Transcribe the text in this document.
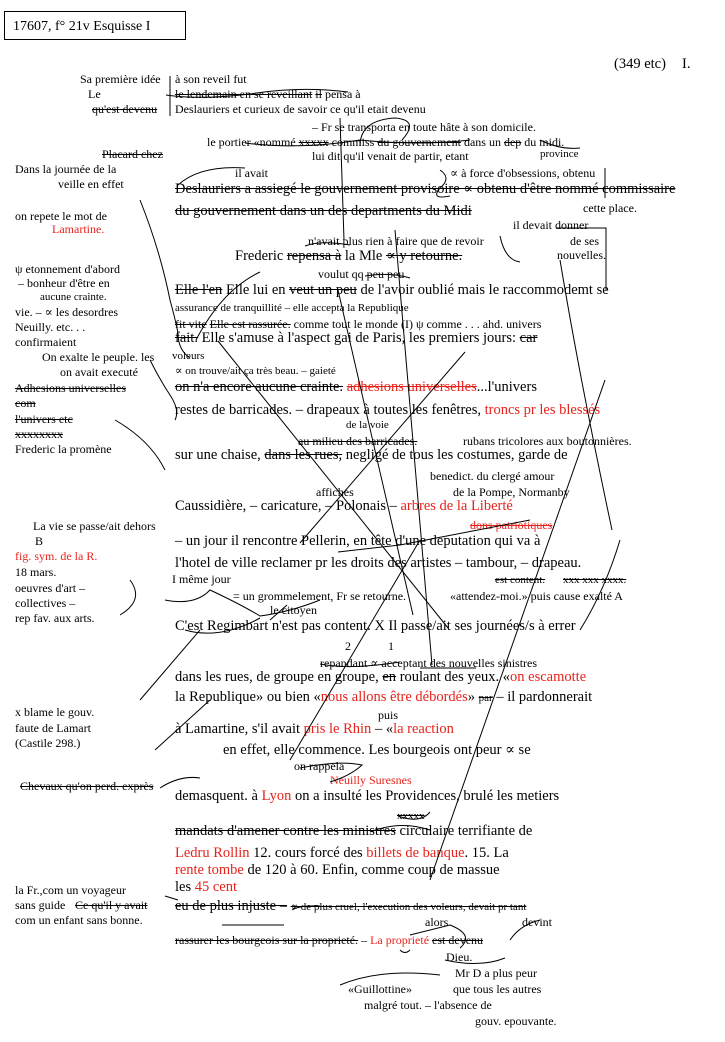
17607, f° 21v Esquisse I
(349 etc) I.
Sa première idée
Le
qu'est devenu
Placard chez
Dans la journée de la
veille en effet
on repete le mot de
Lamartine.
ψ etonnement d'abord
– bonheur d'être en
aucune crainte.
vie. – ∝ les desordres
Neuilly. etc. . .
confirmaient
On exalte le peuple. les
on avait executé
Adhesions universelles
com
l'univers etc
xxxxxxxx
Frederic la promène
La vie se passe/ait dehors
B
fig. sym. de la R.
18 mars.
oeuvres d'art –
collectives –
rep fav. aux arts.
x blame le gouv.
faute de Lamart
(Castile 298.)
Chevaux qu'on perd. exprès
la Fr.,com un voyageur
sans guide Ce qu'il y avait
com un enfant sans bonne.
à son reveil fut
le lendemain en se reveillant il pensa à
Deslauriers et curieux de savoir ce qu'il etait devenu
– Fr se transporta en toute hâte à son domicile.
le portier «nommé xxxxx commiss du gouvernement dans un dep du midi.
lui dit qu'il venait de partir, etant	province
il avait	∝ à force d'obsessions, obtenu
Deslauriers a assiegé le gouvernement provisoire ∝ obtenu d'être nommé commissaire
du gouvernement dans un des departments du Midi	cette place.
il devait donner
n'avait plus rien à faire que de revoir	de ses
nouvelles.
Frederic repensa à la Mle ∝ y retourne.
voulut qq peu peu
Elle l'en Elle lui en veut un peu de l'avoir oublié mais le raccommodemt se
assurance de tranquillité – elle accepta la Republique
fit vite Elle est rassurée. comme tout le monde (I) ψ comme . . . ahd. univers
fait. Elle s'amuse à l'aspect gai de Paris, les premiers jours: car
voleurs
∝ on trouve/ait ça très beau. – gaieté
on n'a encore aucune crainte. adhesions universelles...l'univers
restes de barricades. – drapeaux à toutes les fenêtres, troncs pr les blessés
de la voie
au milieu des barricades.	rubans tricolores aux boutonnières.
sur une chaise, dans les rues, negligé de tous les costumes, garde de
benedict. du clergé amour
affiches	de la Pompe, Normanby
Caussidière, – caricature, – Polonais – arbres de la Liberté
dons patriotiques
– un jour il rencontre Pellerin, en tête d'une deputation qui va à
l'hotel de ville reclamer pr les droits des artistes – tambour, – drapeau.
I même jour	est content. xxx xxx xxxx.
= un grommelement, Fr se retourne.	«attendez-moi.» puis cause exalté A
le citoyen
C'est Regimbart n'est pas content. X Il passe/ait ses journées/s à errer
2	1
repandant ∝ acceptant des nouvelles sinistres
dans les rues, de groupe en groupe, en roulant des yeux. «on escamotte
la Republique» ou bien «nous allons être débordés» par – il pardonnerait
puis
à Lamartine, s'il avait pris le Rhin – «la reaction
en effet, elle commence. Les bourgeois ont peur ∝ se
on rappela
Neuilly Suresnes
demasquent. à Lyon on a insulté les Providences, brulé les metiers
xxxxx
mandats d'amener contre les ministres circulaire terrifiante de
Ledru Rollin 12. cours forcé des billets de banque. 15. La
rente tombe de 120 à 60. Enfin, comme coup de massue
les 45 cent
eu de plus injuste – ∝ de plus cruel, l'execution des voleurs, devait pr tant
alors	devint
rassurer les bourgeois sur la proprieté. – La proprieté est devenu
Dieu.
Mr D a plus peur
«Guillottine»	que tous les autres
malgré tout. – l'absence de
gouv. epouvante.
